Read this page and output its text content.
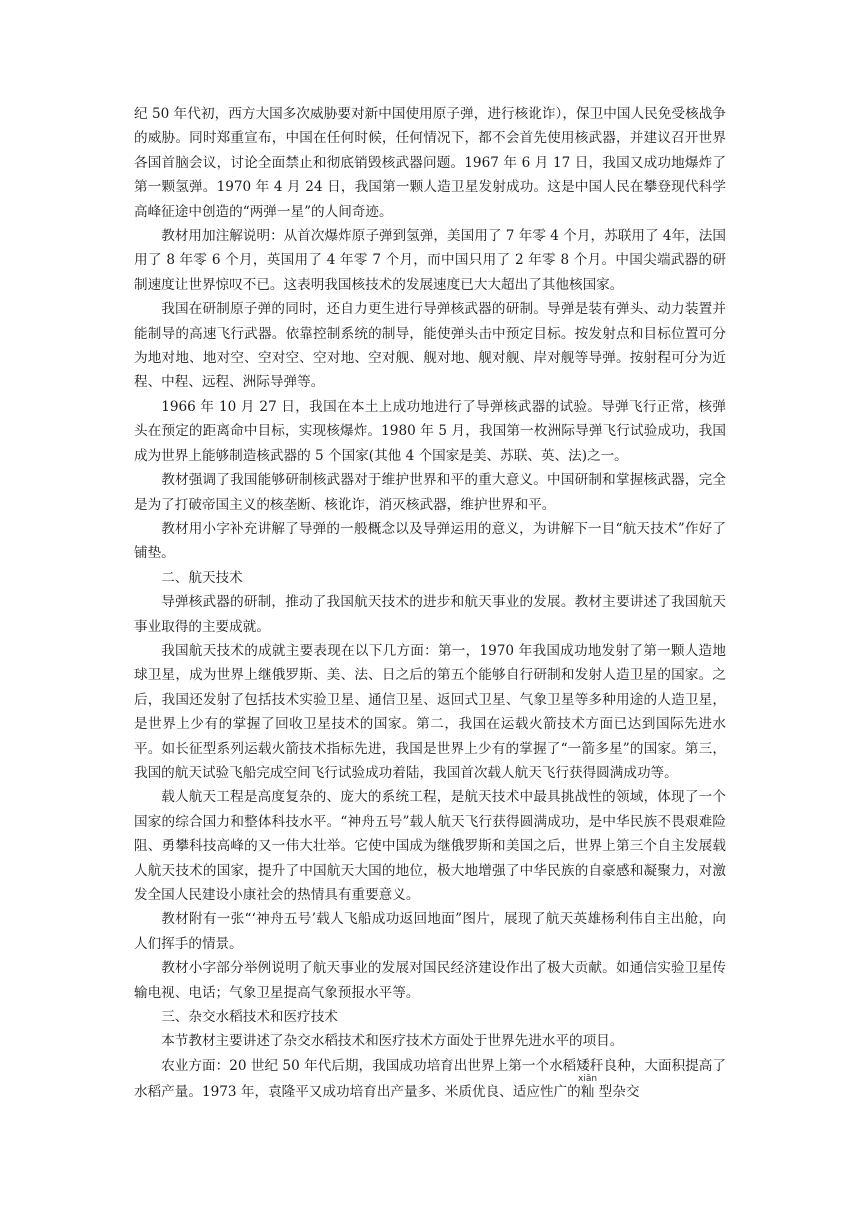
纪 50 年代初，西方大国多次威胁要对新中国使用原子弹，进行核讹诈），保卫中国人民免受核战争的威胁。同时郑重宣布，中国在任何时候，任何情况下，都不会首先使用核武器，并建议召开世界各国首脑会议，讨论全面禁止和彻底销毁核武器问题。1967 年 6 月 17 日，我国又成功地爆炸了第一颗氢弹。1970 年 4 月 24 日，我国第一颗人造卫星发射成功。这是中国人民在攀登现代科学高峰征途中创造的“两弹一星”的人间奇迹。

教材用加注解说明：从首次爆炸原子弹到氢弹，美国用了 7 年零 4 个月，苏联用了 4年，法国用了 8 年零 6 个月，英国用了 4 年零 7 个月，而中国只用了 2 年零 8 个月。中国尖端武器的研制速度让世界惊叹不已。这表明我国核技术的发展速度已大大超出了其他核国家。

我国在研制原子弹的同时，还自力更生进行导弹核武器的研制。导弹是装有弹头、动力装置并能制导的高速飞行武器。依靠控制系统的制导，能使弹头击中预定目标。按发射点和目标位置可分为地对地、地对空、空对空、空对地、空对舰、舰对地、舰对舰、岸对舰等导弹。按射程可分为近程、中程、远程、洲际导弹等。

1966 年 10 月 27 日，我国在本土上成功地进行了导弹核武器的试验。导弹飞行正常，核弹头在预定的距离命中目标，实现核爆炸。1980 年 5 月，我国第一枚洲际导弹飞行试验成功，我国成为世界上能够制造核武器的 5 个国家(其他 4 个国家是美、苏联、英、法)之一。

教材强调了我国能够研制核武器对于维护世界和平的重大意义。中国研制和掌握核武器，完全是为了打破帝国主义的核垄断、核讹诈，消灭核武器，维护世界和平。

教材用小字补充讲解了导弹的一般概念以及导弹运用的意义，为讲解下一目“航天技术”作好了铺垫。

二、航天技术

导弹核武器的研制，推动了我国航天技术的进步和航天事业的发展。教材主要讲述了我国航天事业取得的主要成就。

我国航天技术的成就主要表现在以下几方面：第一，1970 年我国成功地发射了第一颗人造地球卫星，成为世界上继俄罗斯、美、法、日之后的第五个能够自行研制和发射人造卫星的国家。之后，我国还发射了包括技术实验卫星、通信卫星、返回式卫星、气象卫星等多种用途的人造卫星，是世界上少有的掌握了回收卫星技术的国家。第二，我国在运载火箭技术方面已达到国际先进水平。如长征型系列运载火箭技术指标先进，我国是世界上少有的掌握了“一箭多星”的国家。第三，我国的航天试验飞船完成空间飞行试验成功着陆，我国首次载人航天飞行获得圆满成功等。

载人航天工程是高度复杂的、庞大的系统工程，是航天技术中最具挑战性的领域，体现了一个国家的综合国力和整体科技水平。“神舟五号”载人航天飞行获得圆满成功，是中华民族不畏艰难险阻、勇攀科技高峰的又一伟大壮举。它使中国成为继俄罗斯和美国之后，世界上第三个自主发展载人航天技术的国家，提升了中国航天大国的地位，极大地增强了中华民族的自豪感和凝聚力，对激发全国人民建设小康社会的热情具有重要意义。

教材附有一张“‘神舟五号’载人飞船成功返回地面”图片，展现了航天英雄杨利伟自主出舱，向人们挥手的情景。

教材小字部分举例说明了航天事业的发展对国民经济建设作出了极大贡献。如通信实验卫星传输电视、电话；气象卫星提高气象预报水平等。

三、杂交水稻技术和医疗技术

本节教材主要讲述了杂交水稻技术和医疗技术方面处于世界先进水平的项目。

农业方面：20 世纪 50 年代后期，我国成功培育出世界上第一个水稻矮秆良种，大面积提高了水稻产量。1973 年，袁隆平又成功培育出产量多、米质优良、适应性广的籼xiān 型杂交
